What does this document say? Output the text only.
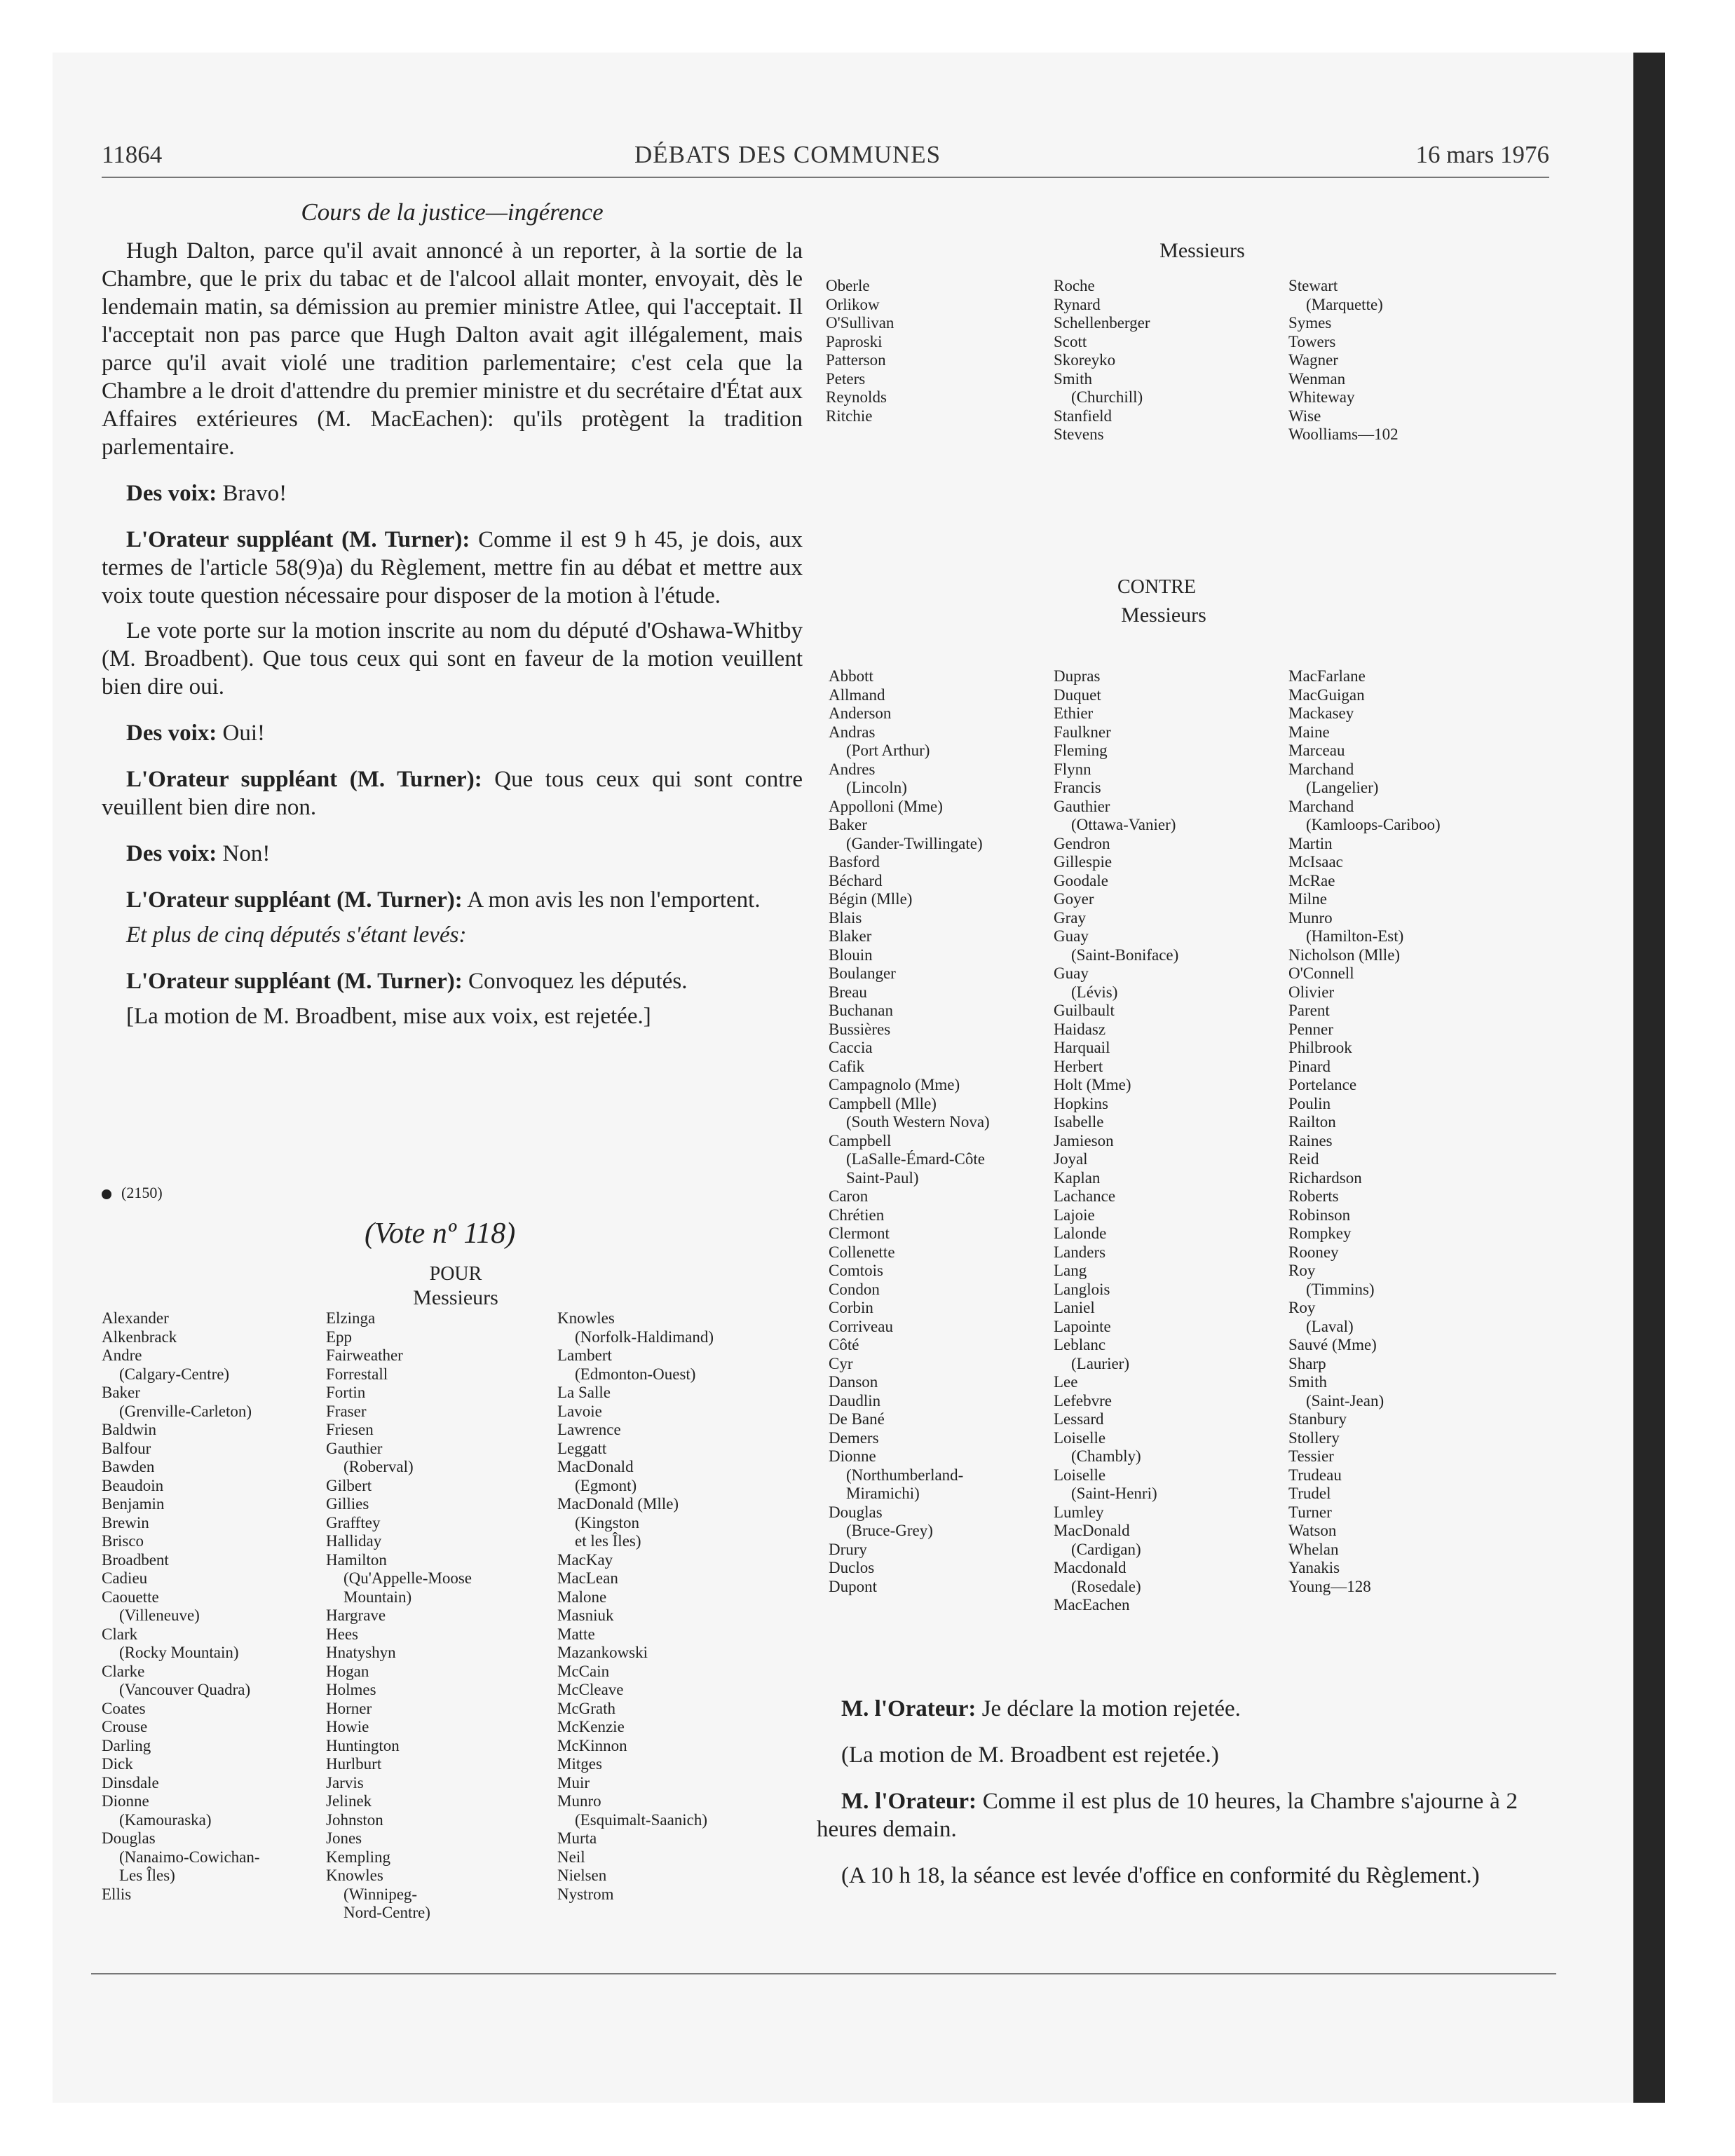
11864	DÉBATS DES COMMUNES	16 mars 1976
Cours de la justice—ingérence
Hugh Dalton, parce qu'il avait annoncé à un reporter, à la sortie de la Chambre, que le prix du tabac et de l'alcool allait monter, envoyait, dès le lendemain matin, sa démission au premier ministre Atlee, qui l'acceptait. Il l'acceptait non pas parce que Hugh Dalton avait agit illégalement, mais parce qu'il avait violé une tradition parlementaire; c'est cela que la Chambre a le droit d'attendre du premier ministre et du secrétaire d'État aux Affaires extérieures (M. MacEachen): qu'ils protègent la tradition parlementaire.
Des voix: Bravo!
L'Orateur suppléant (M. Turner): Comme il est 9 h 45, je dois, aux termes de l'article 58(9)a) du Règlement, mettre fin au débat et mettre aux voix toute question nécessaire pour disposer de la motion à l'étude.
Le vote porte sur la motion inscrite au nom du député d'Oshawa-Whitby (M. Broadbent). Que tous ceux qui sont en faveur de la motion veuillent bien dire oui.
Des voix: Oui!
L'Orateur suppléant (M. Turner): Que tous ceux qui sont contre veuillent bien dire non.
Des voix: Non!
L'Orateur suppléant (M. Turner): A mon avis les non l'emportent.
Et plus de cinq députés s'étant levés:
L'Orateur suppléant (M. Turner): Convoquez les députés.
[La motion de M. Broadbent, mise aux voix, est rejetée.]
(2150)
(Vote nº 118)
POUR
Messieurs
Messieurs
CONTRE
Messieurs
Alexander
Alkenbrack
Andre
(Calgary-Centre)
Baker
(Grenville-Carleton)
Baldwin
Balfour
Bawden
Beaudoin
Benjamin
Brewin
Brisco
Broadbent
Cadieu
Caouette
(Villeneuve)
Clark
(Rocky Mountain)
Clarke
(Vancouver Quadra)
Coates
Crouse
Darling
Dick
Dinsdale
Dionne
(Kamouraska)
Douglas
(Nanaimo-Cowichan-
Les Îles)
Ellis
Elzinga
Epp
Fairweather
Forrestall
Fortin
Fraser
Friesen
Gauthier
(Roberval)
Gilbert
Gillies
Grafftey
Halliday
Hamilton
(Qu'Appelle-Moose
Mountain)
Hargrave
Hees
Hnatyshyn
Hogan
Holmes
Horner
Howie
Huntington
Hurlburt
Jarvis
Jelinek
Johnston
Jones
Kempling
Knowles
(Winnipeg-
Nord-Centre)
Knowles
(Norfolk-Haldimand)
Lambert
(Edmonton-Ouest)
La Salle
Lavoie
Lawrence
Leggatt
MacDonald
(Egmont)
MacDonald (Mlle)
(Kingston
et les Îles)
MacKay
MacLean
Malone
Masniuk
Matte
Mazankowski
McCain
McCleave
McGrath
McKenzie
McKinnon
Mitges
Muir
Munro
(Esquimalt-Saanich)
Murta
Neil
Nielsen
Nystrom
Oberle
Orlikow
O'Sullivan
Paproski
Patterson
Peters
Reynolds
Ritchie
Roche
Rynard
Schellenberger
Scott
Skoreyko
Smith
(Churchill)
Stanfield
Stevens
Stewart
(Marquette)
Symes
Towers
Wagner
Wenman
Whiteway
Wise
Woolliams—102
Abbott
Allmand
Anderson
Andras
(Port Arthur)
Andres
(Lincoln)
Appolloni (Mme)
Baker
(Gander-Twillingate)
Basford
Béchard
Bégin (Mlle)
Blais
Blaker
Blouin
Boulanger
Breau
Buchanan
Bussières
Caccia
Cafik
Campagnolo (Mme)
Campbell (Mlle)
(South Western Nova)
Campbell
(LaSalle-Émard-Côte
Saint-Paul)
Caron
Chrétien
Clermont
Collenette
Comtois
Condon
Corbin
Corriveau
Côté
Cyr
Danson
Daudlin
De Bané
Demers
Dionne
(Northumberland-
Miramichi)
Douglas
(Bruce-Grey)
Drury
Duclos
Dupont
Dupras
Duquet
Ethier
Faulkner
Fleming
Flynn
Francis
Gauthier
(Ottawa-Vanier)
Gendron
Gillespie
Goodale
Goyer
Gray
Guay
(Saint-Boniface)
Guay
(Lévis)
Guilbault
Haidasz
Harquail
Herbert
Holt (Mme)
Hopkins
Isabelle
Jamieson
Joyal
Kaplan
Lachance
Lajoie
Lalonde
Landers
Lang
Langlois
Laniel
Lapointe
Leblanc
(Laurier)
Lee
Lefebvre
Lessard
Loiselle
(Chambly)
Loiselle
(Saint-Henri)
Lumley
MacDonald
(Cardigan)
Macdonald
(Rosedale)
MacEachen
MacFarlane
MacGuigan
Mackasey
Maine
Marceau
Marchand
(Langelier)
Marchand
(Kamloops-Cariboo)
Martin
McIsaac
McRae
Milne
Munro
(Hamilton-Est)
Nicholson (Mlle)
O'Connell
Olivier
Parent
Penner
Philbrook
Pinard
Portelance
Poulin
Railton
Raines
Reid
Richardson
Roberts
Robinson
Rompkey
Rooney
Roy
(Timmins)
Roy
(Laval)
Sauvé (Mme)
Sharp
Smith
(Saint-Jean)
Stanbury
Stollery
Tessier
Trudeau
Trudel
Turner
Watson
Whelan
Yanakis
Young—128
M. l'Orateur: Je déclare la motion rejetée.
(La motion de M. Broadbent est rejetée.)
M. l'Orateur: Comme il est plus de 10 heures, la Chambre s'ajourne à 2 heures demain.
(A 10 h 18, la séance est levée d'office en conformité du Règlement.)
